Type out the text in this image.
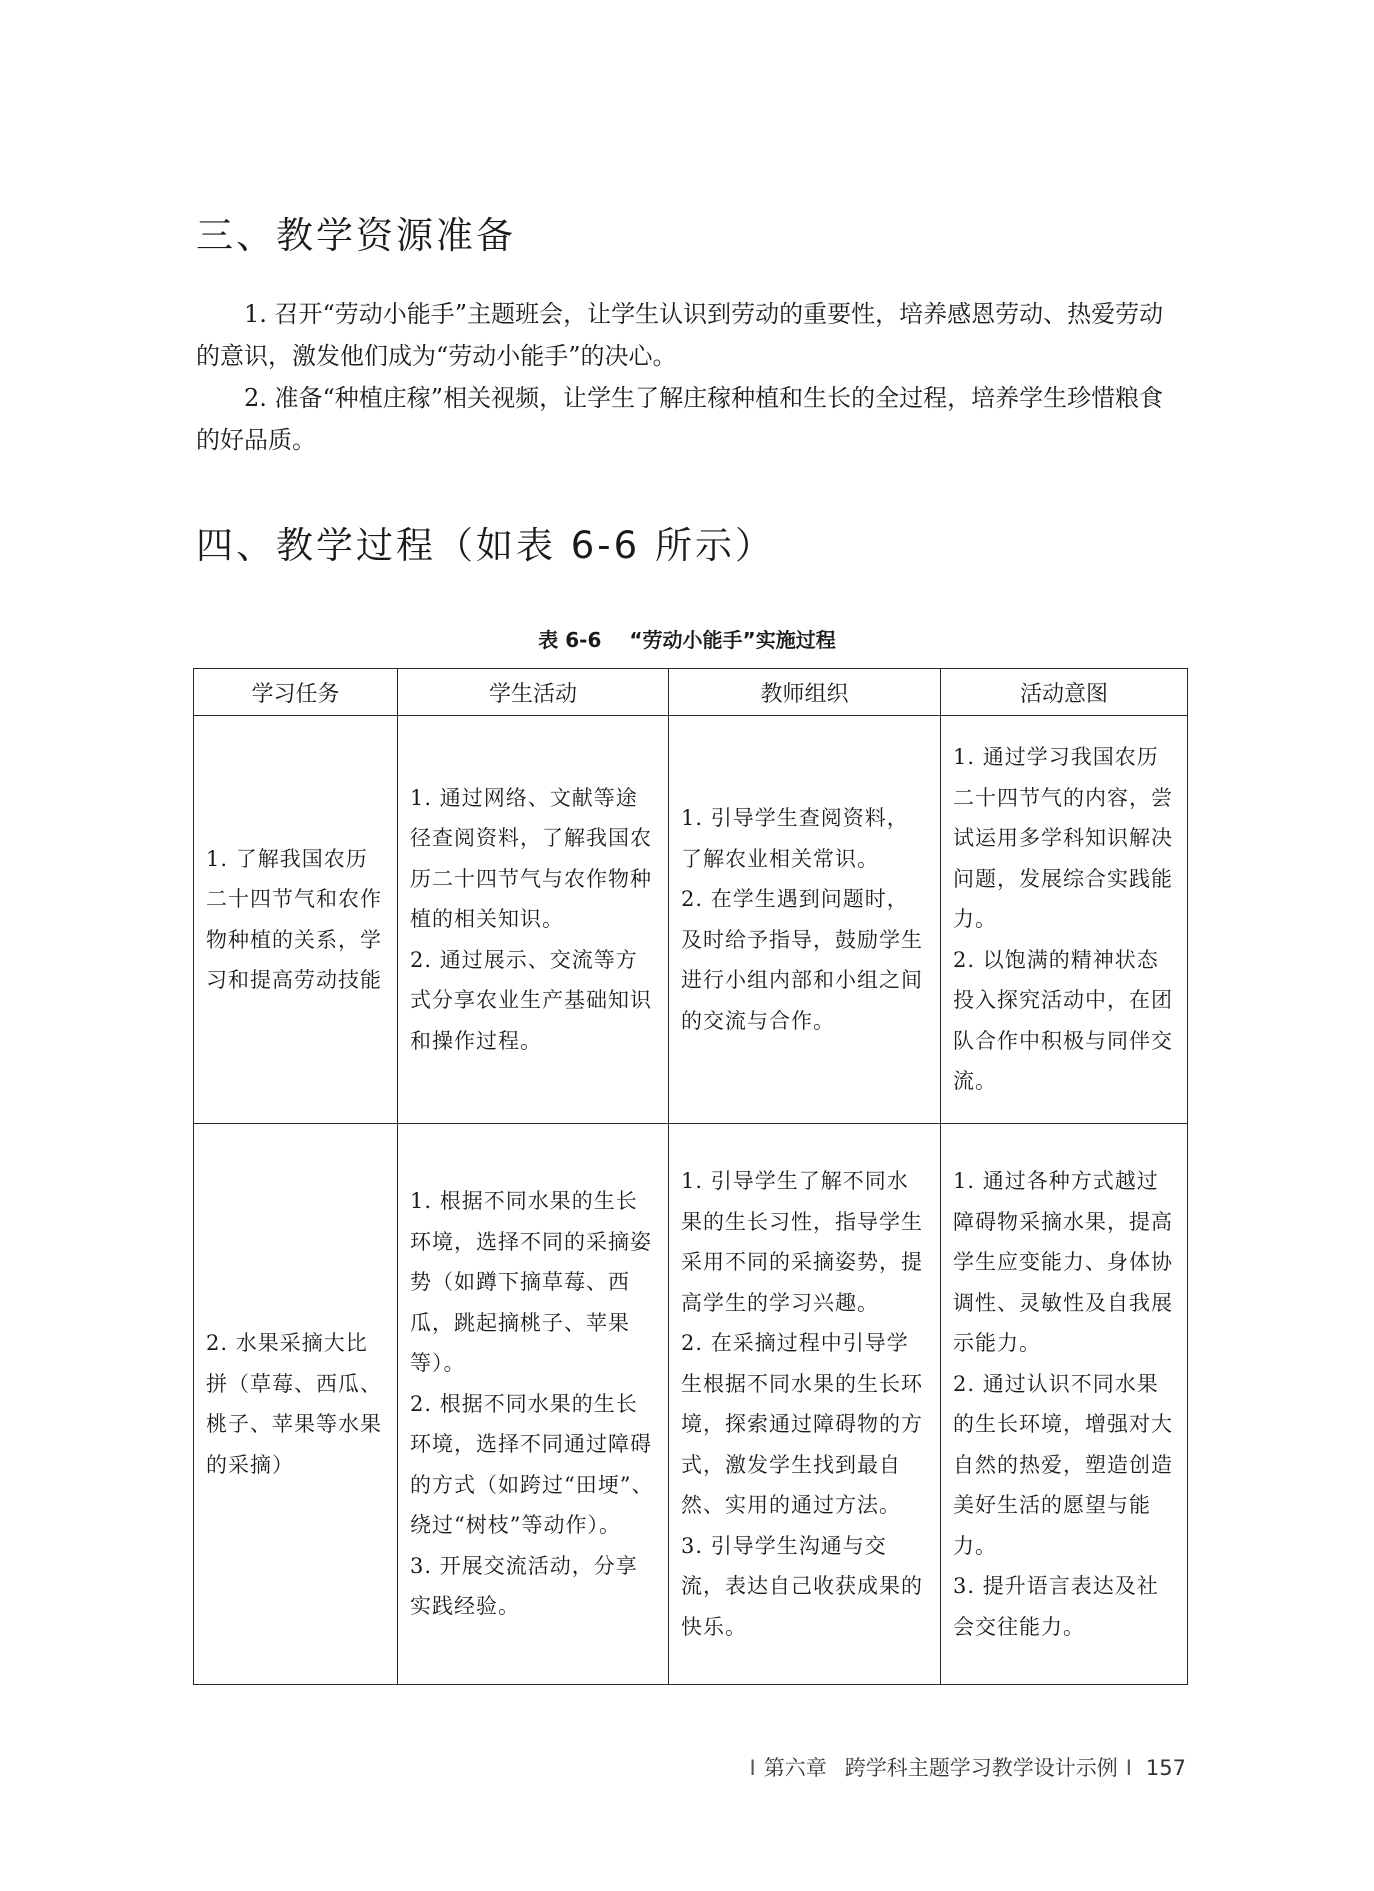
三、教学资源准备

1. 召开“劳动小能手”主题班会，让学生认识到劳动的重要性，培养感恩劳动、热爱劳动的意识，激发他们成为“劳动小能手”的决心。

2. 准备“种植庄稼”相关视频，让学生了解庄稼种植和生长的全过程，培养学生珍惜粮食的好品质。

四、教学过程（如表 6-6 所示）
表 6-6 “劳动小能手”实施过程
学习任务	学生活动	教师组织	活动意图

1. 了解我国农历二十四节气和农作物种植的关系，学习和提高劳动技能	1. 通过网络、文献等途径查阅资料，了解我国农历二十四节气与农作物种植的相关知识。
2. 通过展示、交流等方式分享农业生产基础知识和操作过程。	1. 引导学生查阅资料，了解农业相关常识。
2. 在学生遇到问题时，及时给予指导，鼓励学生进行小组内部和小组之间的交流与合作。	1. 通过学习我国农历二十四节气的内容，尝试运用多学科知识解决问题，发展综合实践能力。
2. 以饱满的精神状态投入探究活动中，在团队合作中积极与同伴交流。

2. 水果采摘大比拼（草莓、西瓜、桃子、苹果等水果的采摘）	1. 根据不同水果的生长环境，选择不同的采摘姿势（如蹲下摘草莓、西瓜，跳起摘桃子、苹果等）。
2. 根据不同水果的生长环境，选择不同通过障碍的方式（如跨过“田埂”、绕过“树枝”等动作）。
3. 开展交流活动，分享实践经验。	1. 引导学生了解不同水果的生长习性，指导学生采用不同的采摘姿势，提高学生的学习兴趣。
2. 在采摘过程中引导学生根据不同水果的生长环境，探索通过障碍物的方式，激发学生找到最自然、实用的通过方法。
3. 引导学生沟通与交流，表达自己收获成果的快乐。	1. 通过各种方式越过障碍物采摘水果，提高学生应变能力、身体协调性、灵敏性及自我展示能力。
2. 通过认识不同水果的生长环境，增强对大自然的热爱，塑造创造美好生活的愿望与能力。
3. 提升语言表达及社会交往能力。
I 第六章 跨学科主题学习教学设计示例 I 157
